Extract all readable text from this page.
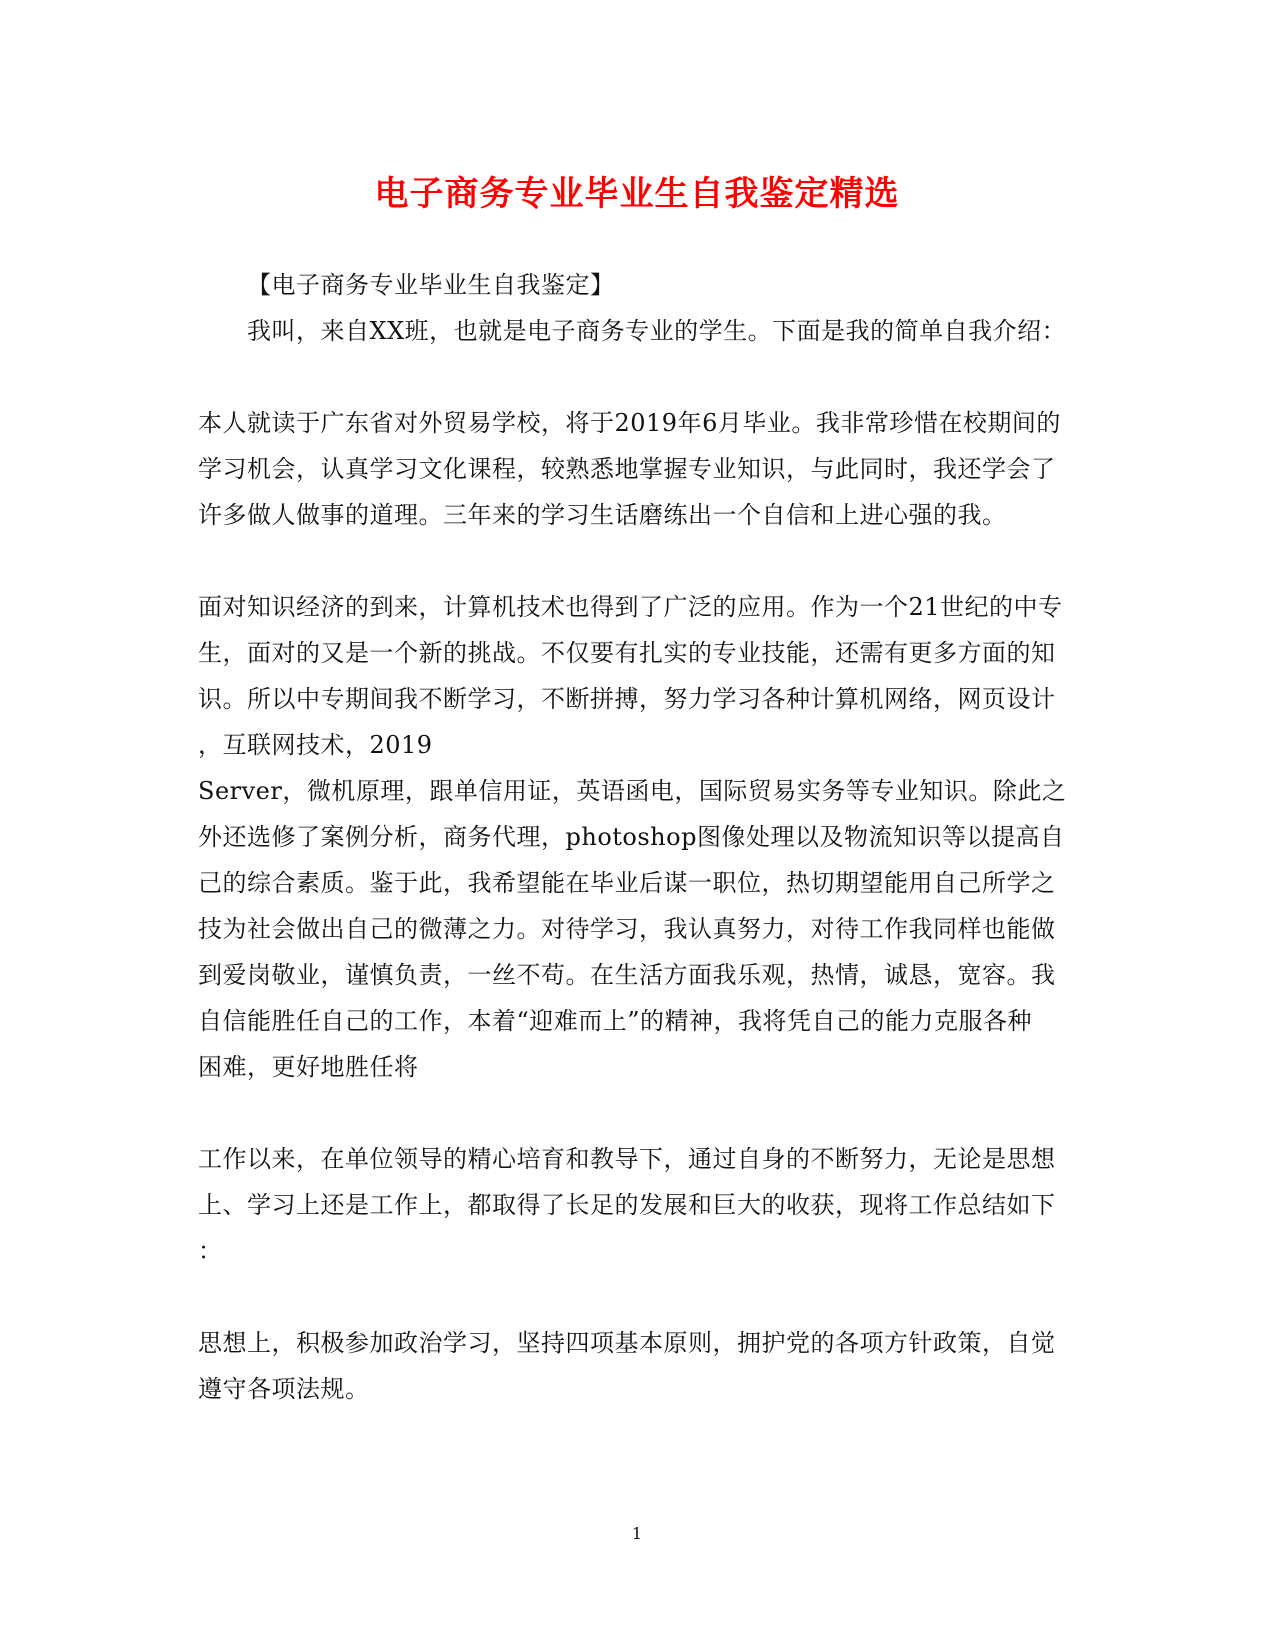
电子商务专业毕业生自我鉴定精选
【电子商务专业毕业生自我鉴定】
我叫，来自XX班，也就是电子商务专业的学生。下面是我的简单自我介绍：
本人就读于广东省对外贸易学校，将于2019年6月毕业。我非常珍惜在校期间的
学习机会，认真学习文化课程，较熟悉地掌握专业知识，与此同时，我还学会了
许多做人做事的道理。三年来的学习生话磨练出一个自信和上进心强的我。
面对知识经济的到来，计算机技术也得到了广泛的应用。作为一个21世纪的中专
生，面对的又是一个新的挑战。不仅要有扎实的专业技能，还需有更多方面的知
识。所以中专期间我不断学习，不断拼搏，努力学习各种计算机网络，网页设计
，互联网技术，2019
Server，微机原理，跟单信用证，英语函电，国际贸易实务等专业知识。除此之
外还选修了案例分析，商务代理，photoshop图像处理以及物流知识等以提高自
己的综合素质。鉴于此，我希望能在毕业后谋一职位，热切期望能用自己所学之
技为社会做出自己的微薄之力。对待学习，我认真努力，对待工作我同样也能做
到爱岗敬业，谨慎负责，一丝不苟。在生活方面我乐观，热情，诚恳，宽容。我
自信能胜任自己的工作，本着“迎难而上”的精神，我将凭自己的能力克服各种
困难，更好地胜任将
工作以来，在单位领导的精心培育和教导下，通过自身的不断努力，无论是思想
上、学习上还是工作上，都取得了长足的发展和巨大的收获，现将工作总结如下
：
思想上，积极参加政治学习，坚持四项基本原则，拥护党的各项方针政策，自觉
遵守各项法规。
1
